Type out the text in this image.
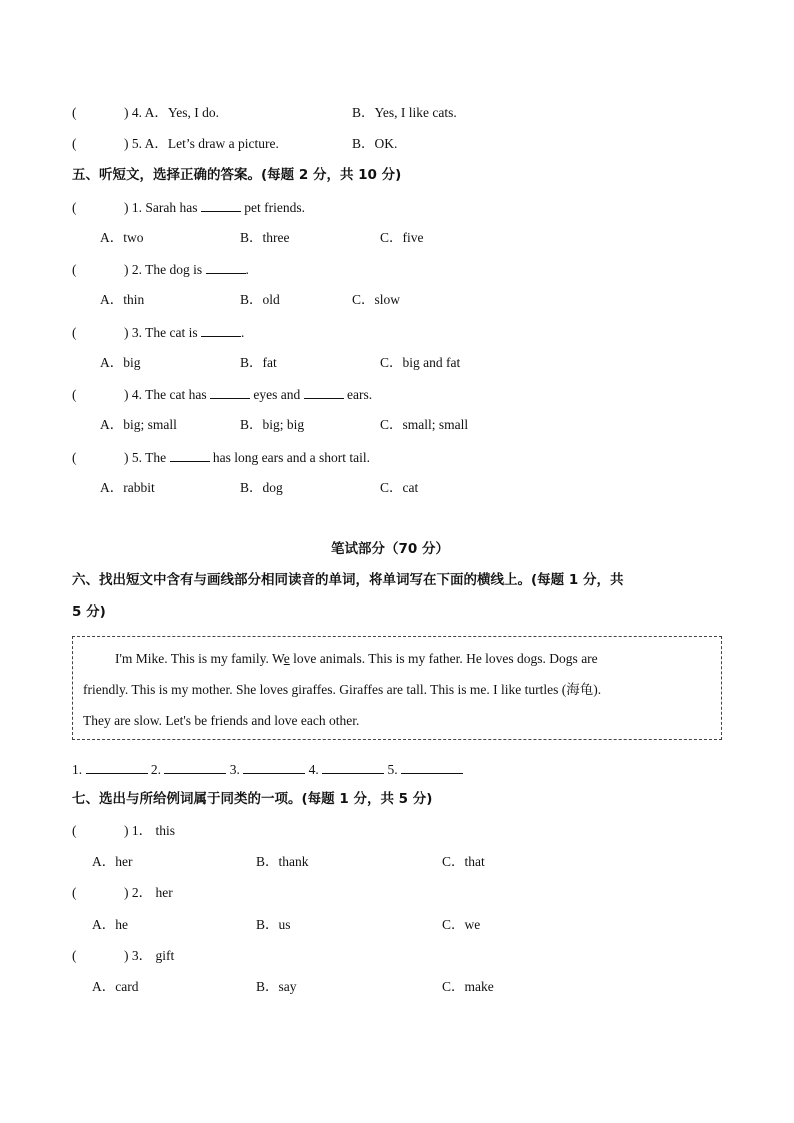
(	) 4. A．Yes, I do.	B．Yes, I like cats.
(	) 5. A．Let’s draw a picture.	B．OK.
五、听短文，选择正确的答案。(每题 2 分，共 10 分)
(	) 1. Sarah has	pet friends.
A．two	B．three	C．five
(	) 2. The dog is	.
A．thin	B．old	C．slow
(	) 3. The cat is	.
A．big	B．fat	C．big and fat
(	) 4. The cat has	eyes and	ears.
A．big; small	B．big; big	C．small; small
(	) 5. The	has long ears and a short tail.
A．rabbit	B．dog	C．cat
笔试部分（70 分）
六、找出短文中含有与画线部分相同读音的单词，将单词写在下面的横线上。(每题 1 分，共
5 分)
I'm Mike. This is my family. We love animals. This is my father. He loves dogs. Dogs are
friendly. This is my mother. She loves giraffes. Giraffes are tall. This is me. I like turtles (海龟).
They are slow. Let's be friends and love each other.
1.	2.	3.	4.	5.
七、选出与所给例词属于同类的一项。(每题 1 分，共 5 分)
(	) 1． this
A．her	B．thank	C．that
(	) 2． her
A．he	B．us	C．we
(	) 3． gift
A．card	B．say	C．make
